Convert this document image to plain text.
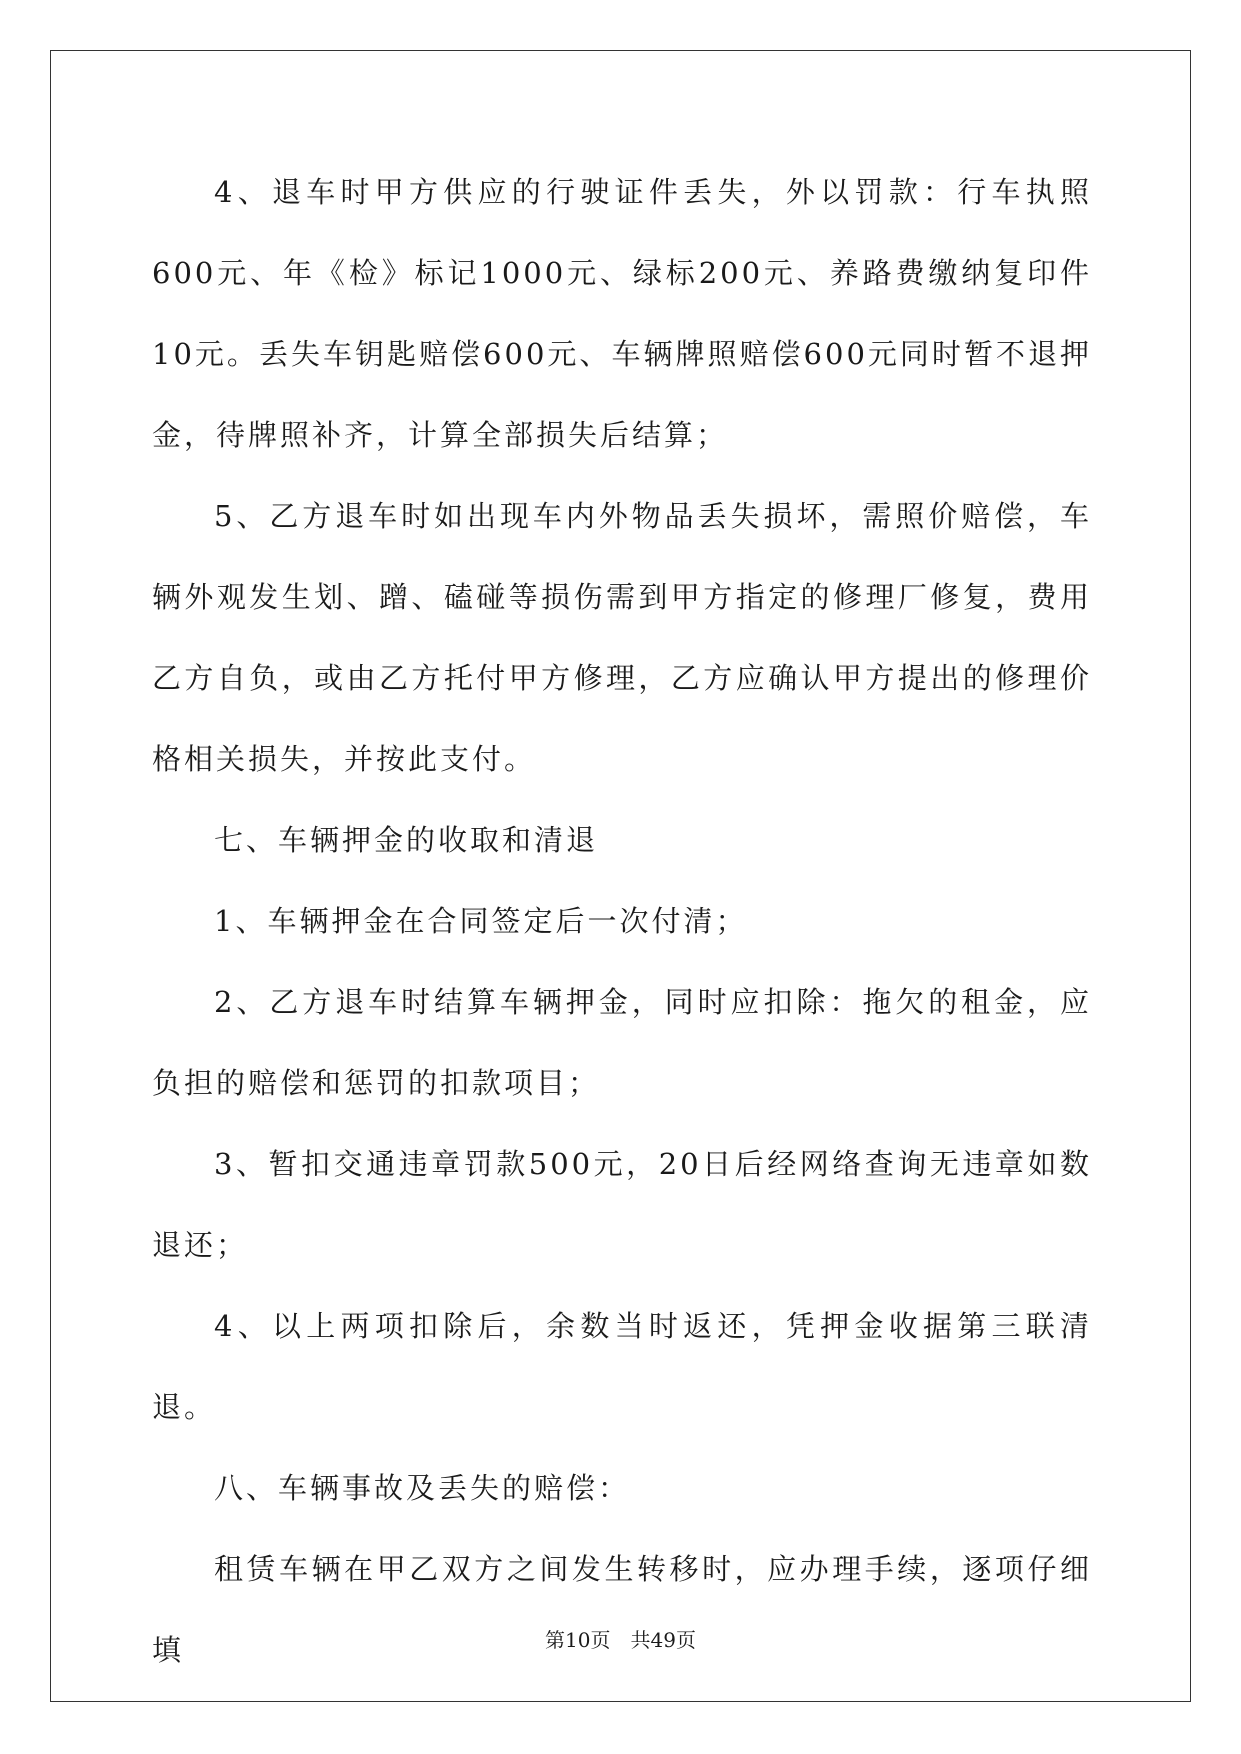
4、退车时甲方供应的行驶证件丢失，外以罚款：行车执照600元、年《检》标记1000元、绿标200元、养路费缴纳复印件10元。丢失车钥匙赔偿600元、车辆牌照赔偿600元同时暂不退押金，待牌照补齐，计算全部损失后结算；

5、乙方退车时如出现车内外物品丢失损坏，需照价赔偿，车辆外观发生划、蹭、磕碰等损伤需到甲方指定的修理厂修复，费用乙方自负，或由乙方托付甲方修理，乙方应确认甲方提出的修理价格相关损失，并按此支付。

七、车辆押金的收取和清退

1、车辆押金在合同签定后一次付清；

2、乙方退车时结算车辆押金，同时应扣除：拖欠的租金，应负担的赔偿和惩罚的扣款项目；

3、暂扣交通违章罚款500元，20日后经网络查询无违章如数退还；

4、以上两项扣除后，余数当时返还，凭押金收据第三联清退。

八、车辆事故及丢失的赔偿：

租赁车辆在甲乙双方之间发生转移时，应办理手续，逐项仔细填	第10页　共49页
